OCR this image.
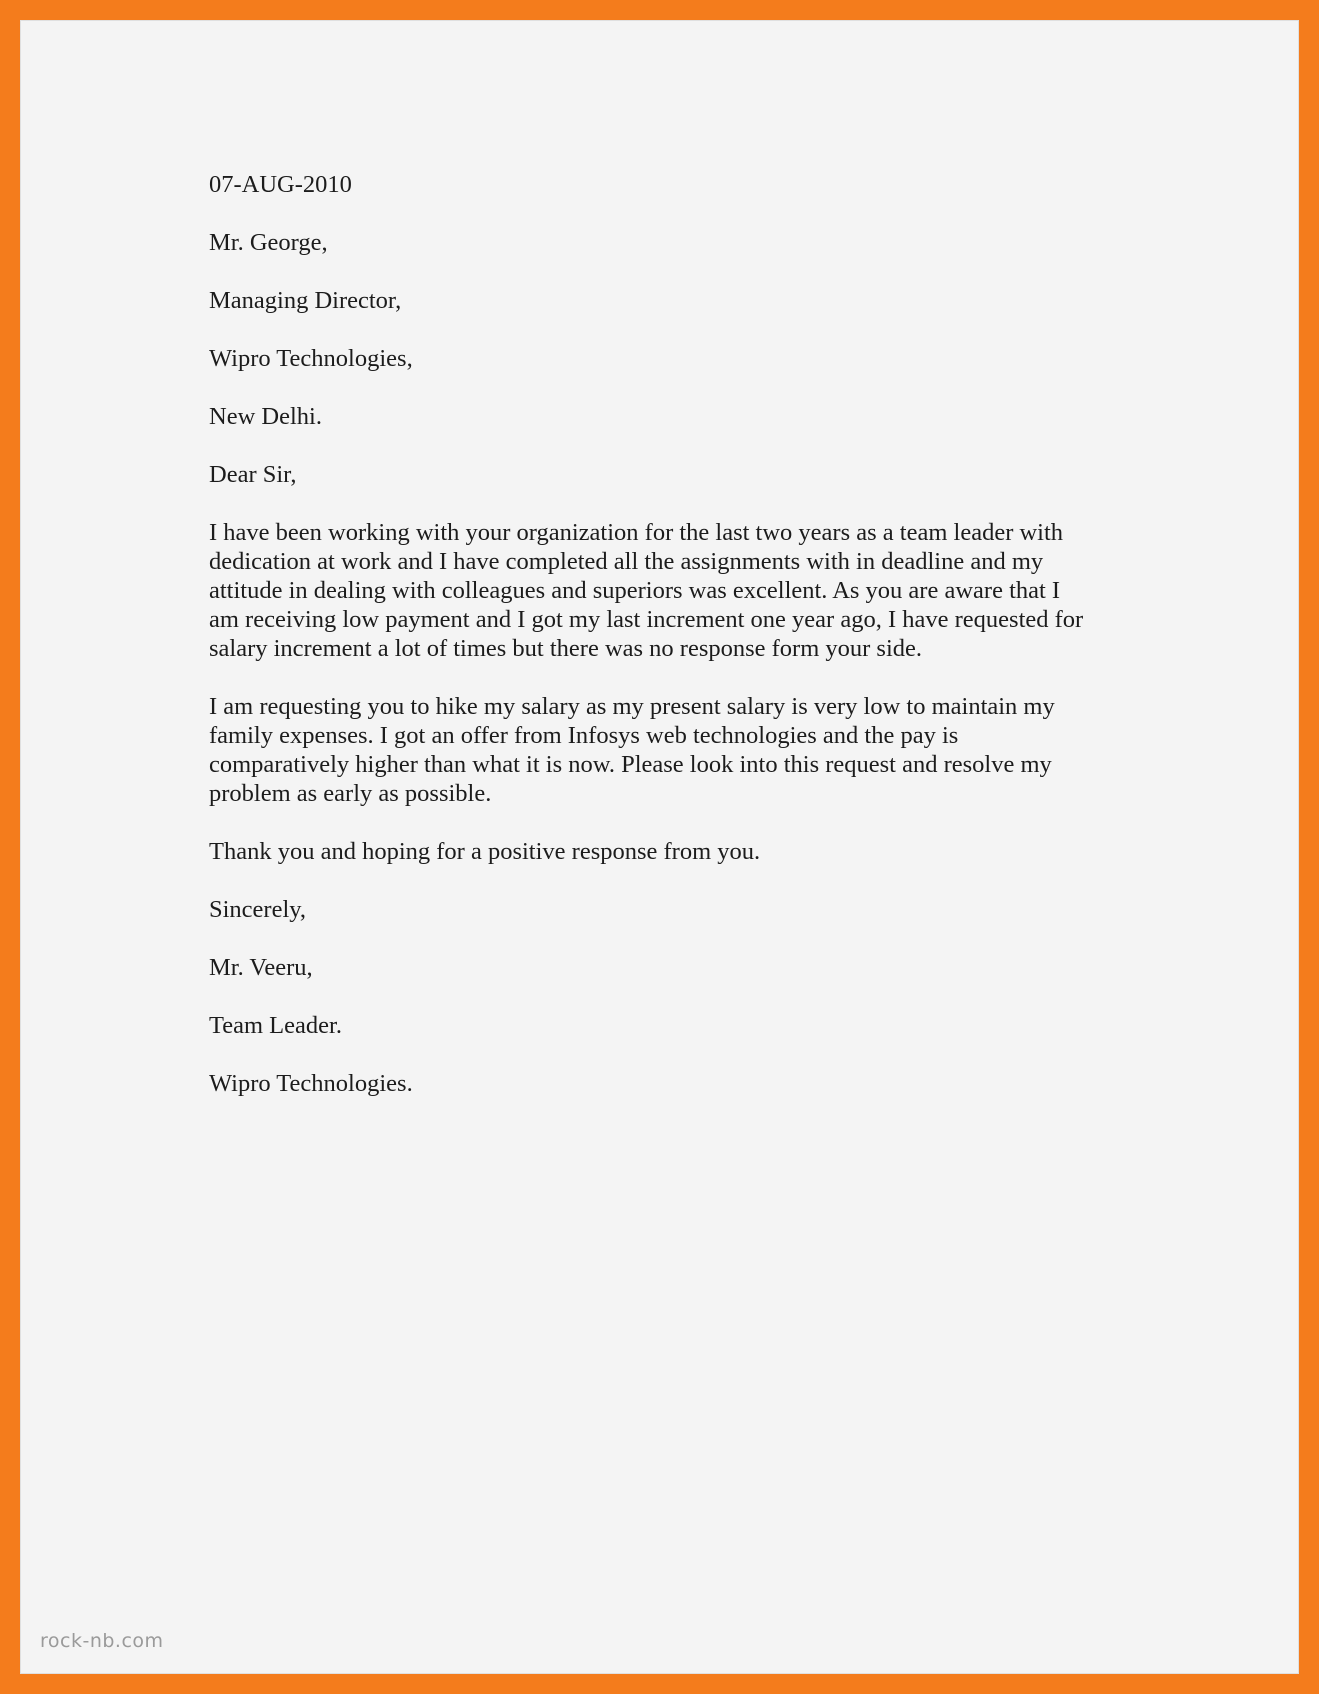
07-AUG-2010
Mr. George,
Managing Director,
Wipro Technologies,
New Delhi.
Dear Sir,
I have been working with your organization for the last two years as a team leader with
dedication at work and I have completed all the assignments with in deadline and my
attitude in dealing with colleagues and superiors was excellent. As you are aware that I
am receiving low payment and I got my last increment one year ago, I have requested for
salary increment a lot of times but there was no response form your side.
I am requesting you to hike my salary as my present salary is very low to maintain my
family expenses. I got an offer from Infosys web technologies and the pay is
comparatively higher than what it is now. Please look into this request and resolve my
problem as early as possible.
Thank you and hoping for a positive response from you.
Sincerely,
Mr. Veeru,
Team Leader.
Wipro Technologies.
rock-nb.com
